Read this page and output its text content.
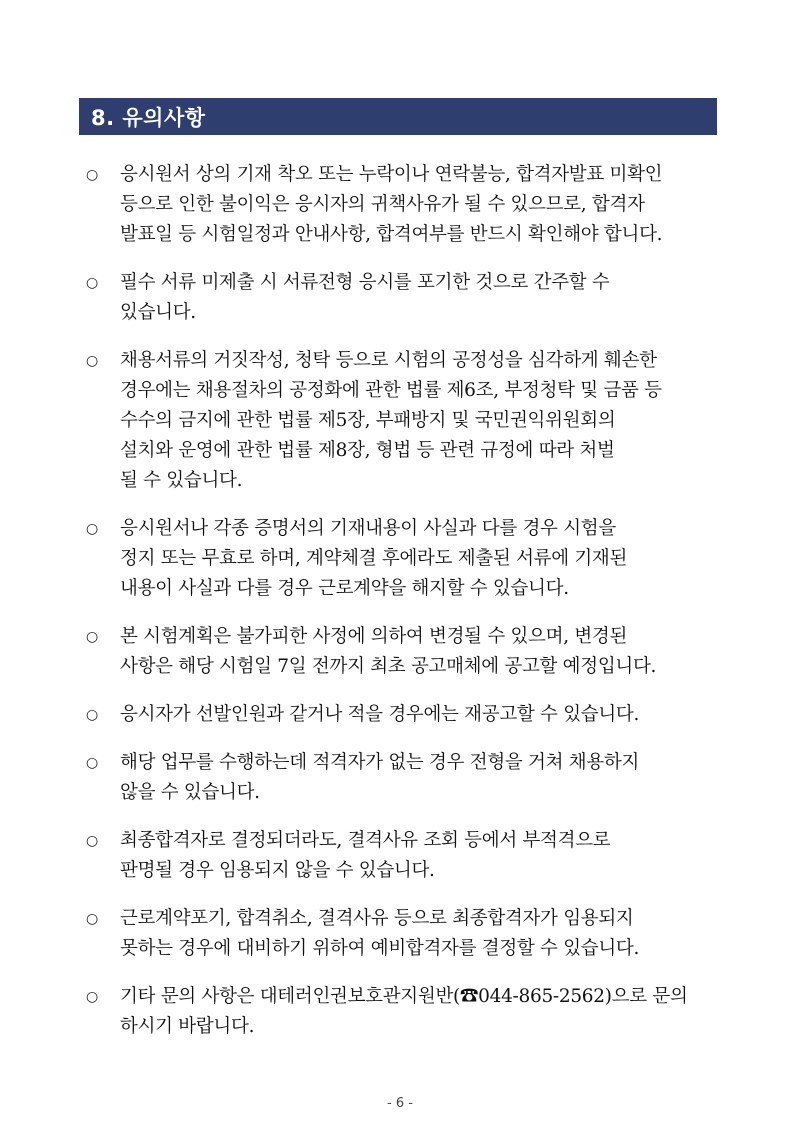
8. 유의사항
○ 응시원서 상의 기재 착오 또는 누락이나 연락불능, 합격자발표 미확인
등으로 인한 불이익은 응시자의 귀책사유가 될 수 있으므로, 합격자
발표일 등 시험일정과 안내사항, 합격여부를 반드시 확인해야 합니다.
○ 필수 서류 미제출 시 서류전형 응시를 포기한 것으로 간주할 수
있습니다.
○ 채용서류의 거짓작성, 청탁 등으로 시험의 공정성을 심각하게 훼손한
경우에는 채용절차의 공정화에 관한 법률 제6조, 부정청탁 및 금품 등
수수의 금지에 관한 법률 제5장, 부패방지 및 국민권익위원회의
설치와 운영에 관한 법률 제8장, 형법 등 관련 규정에 따라 처벌
될 수 있습니다.
○ 응시원서나 각종 증명서의 기재내용이 사실과 다를 경우 시험을
정지 또는 무효로 하며, 계약체결 후에라도 제출된 서류에 기재된
내용이 사실과 다를 경우 근로계약을 해지할 수 있습니다.
○ 본 시험계획은 불가피한 사정에 의하여 변경될 수 있으며, 변경된
사항은 해당 시험일 7일 전까지 최초 공고매체에 공고할 예정입니다.
○ 응시자가 선발인원과 같거나 적을 경우에는 재공고할 수 있습니다.
○ 해당 업무를 수행하는데 적격자가 없는 경우 전형을 거쳐 채용하지
않을 수 있습니다.
○ 최종합격자로 결정되더라도, 결격사유 조회 등에서 부적격으로
판명될 경우 임용되지 않을 수 있습니다.
○ 근로계약포기, 합격취소, 결격사유 등으로 최종합격자가 임용되지
못하는 경우에 대비하기 위하여 예비합격자를 결정할 수 있습니다.
○ 기타 문의 사항은 대테러인권보호관지원반(☎044-865-2562)으로 문의
하시기 바랍니다.
- 6 -
